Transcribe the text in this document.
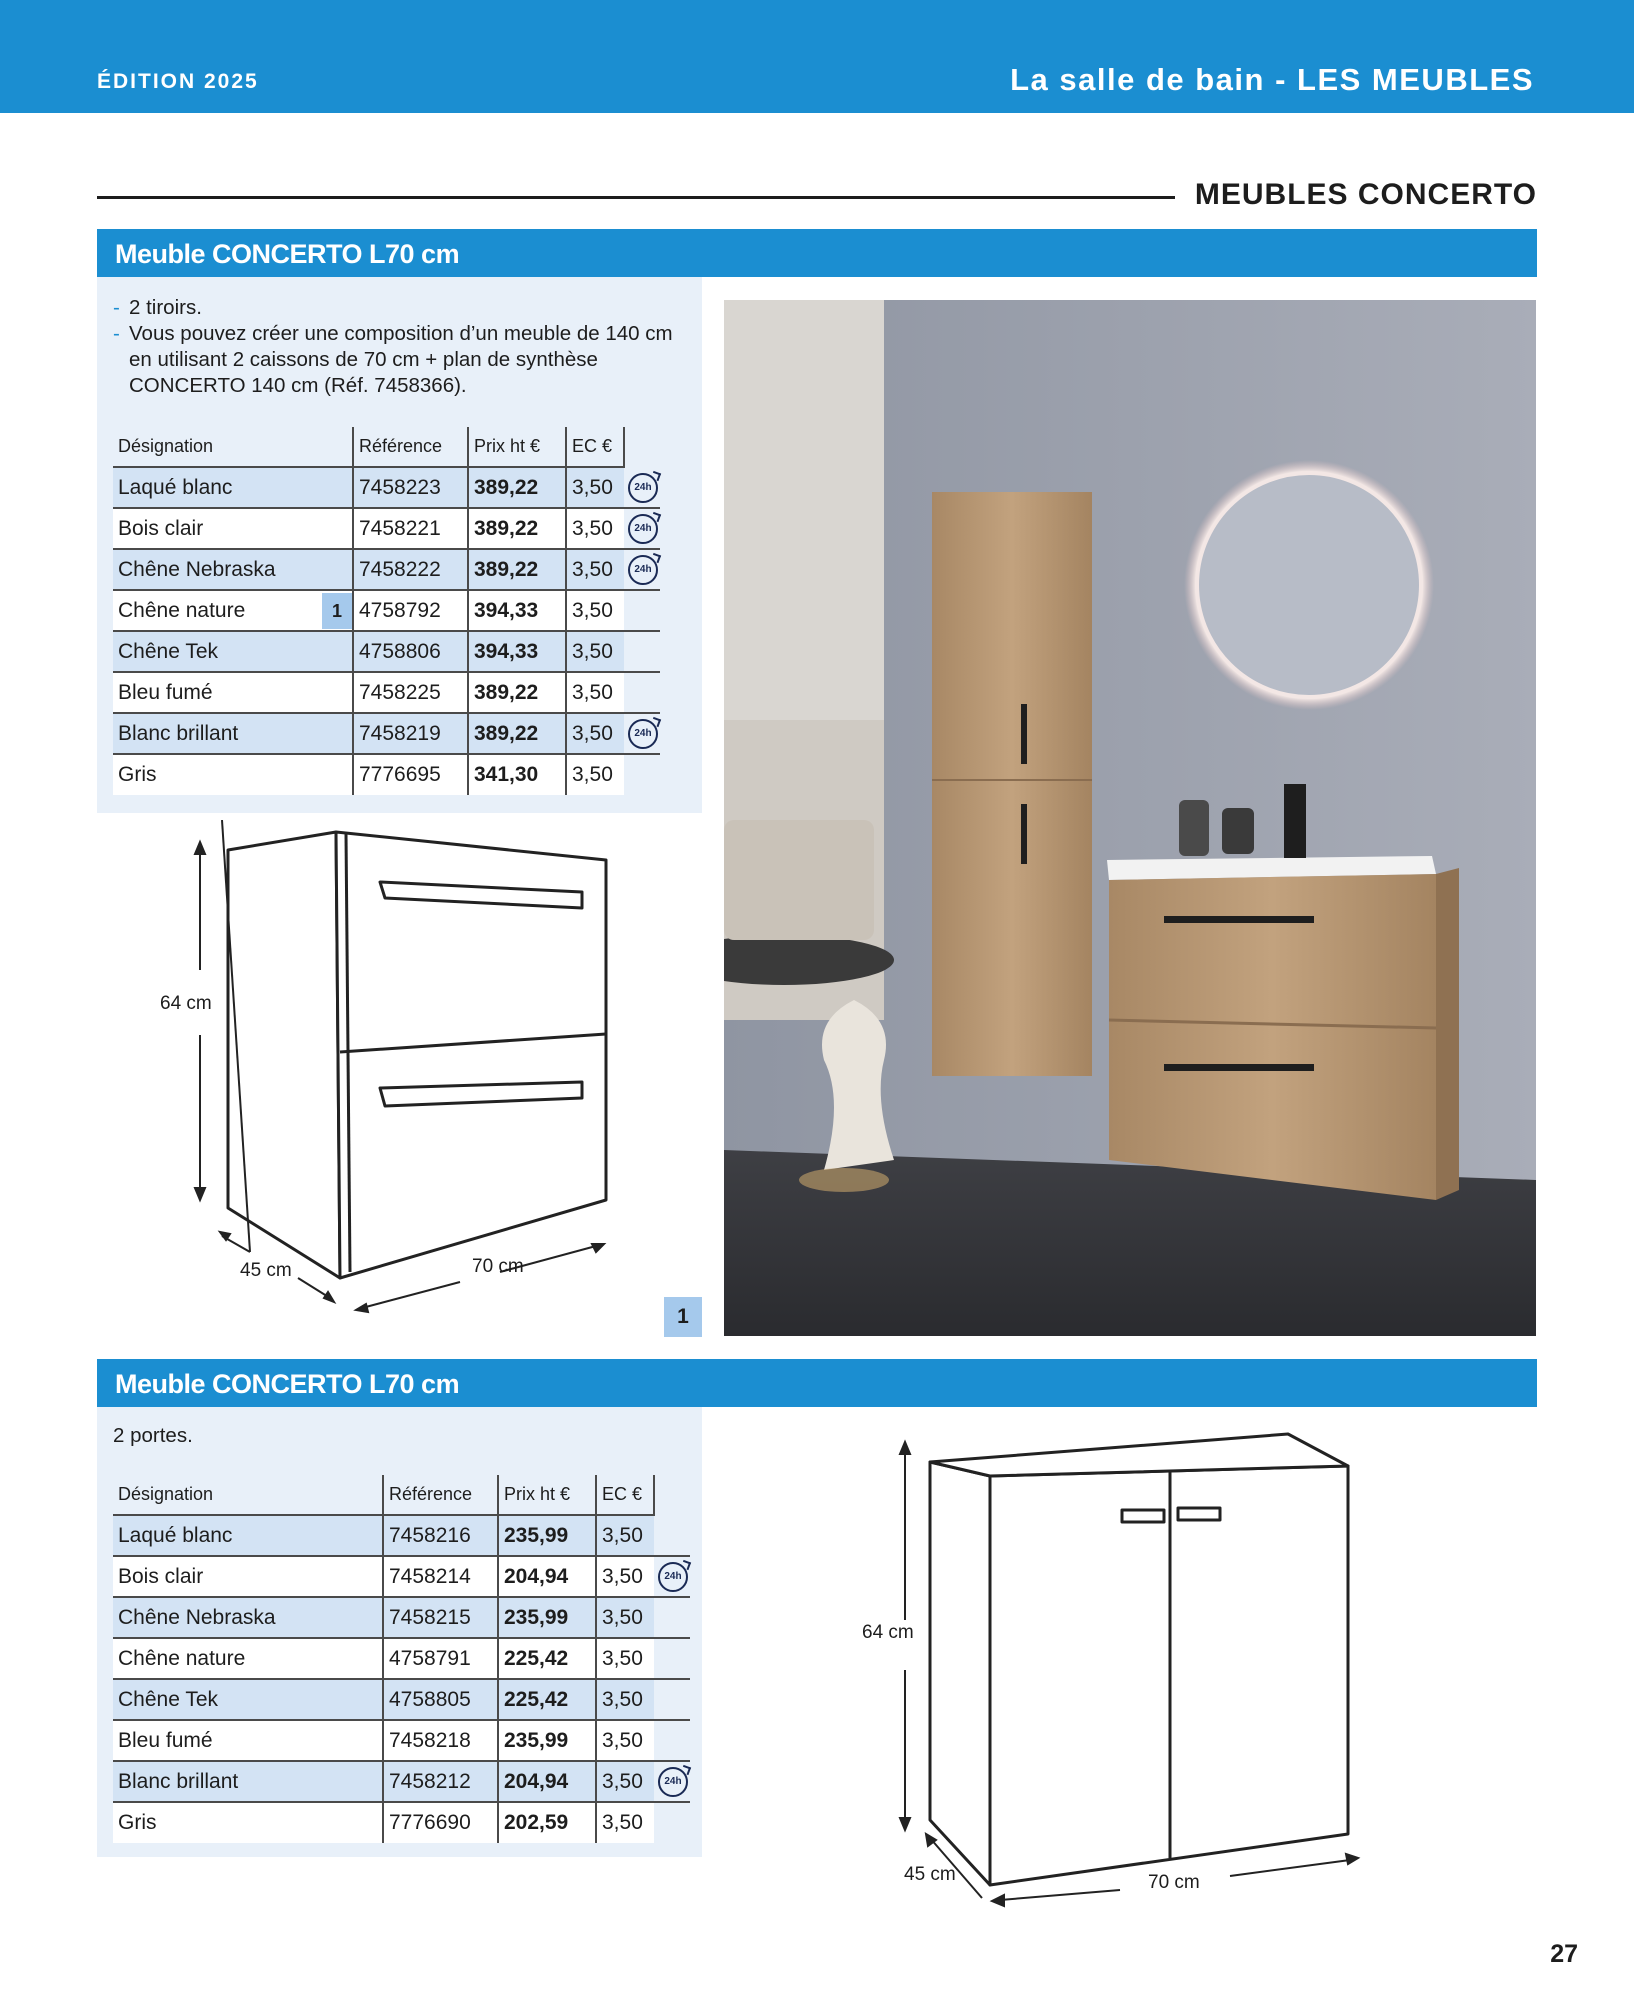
ÉDITION 2025	La salle de bain - LES MEUBLES
MEUBLES CONCERTO
Meuble CONCERTO L70 cm
- 2 tiroirs.
- Vous pouvez créer une composition d’un meuble de 140 cm en utilisant 2 caissons de 70 cm + plan de synthèse CONCERTO 140 cm (Réf. 7458366).
Désignation	Référence	Prix ht €	EC €	
Laqué blanc	7458223	389,22	3,50	24h
Bois clair	7458221	389,22	3,50	24h
Chêne Nebraska	7458222	389,22	3,50	24h
Chêne nature 1	4758792	394,33	3,50	
Chêne Tek	4758806	394,33	3,50	
Bleu fumé	7458225	389,22	3,50	
Blanc brillant	7458219	389,22	3,50	24h
Gris	7776695	341,30	3,50	
64 cm
45 cm	70 cm
1
Meuble CONCERTO L70 cm
2 portes.
Désignation	Référence	Prix ht €	EC €	
Laqué blanc	7458216	235,99	3,50	
Bois clair	7458214	204,94	3,50	24h
Chêne Nebraska	7458215	235,99	3,50	
Chêne nature	4758791	225,42	3,50	
Chêne Tek	4758805	225,42	3,50	
Bleu fumé	7458218	235,99	3,50	
Blanc brillant	7458212	204,94	3,50	24h
Gris	7776690	202,59	3,50	
64 cm
45 cm	70 cm
27
